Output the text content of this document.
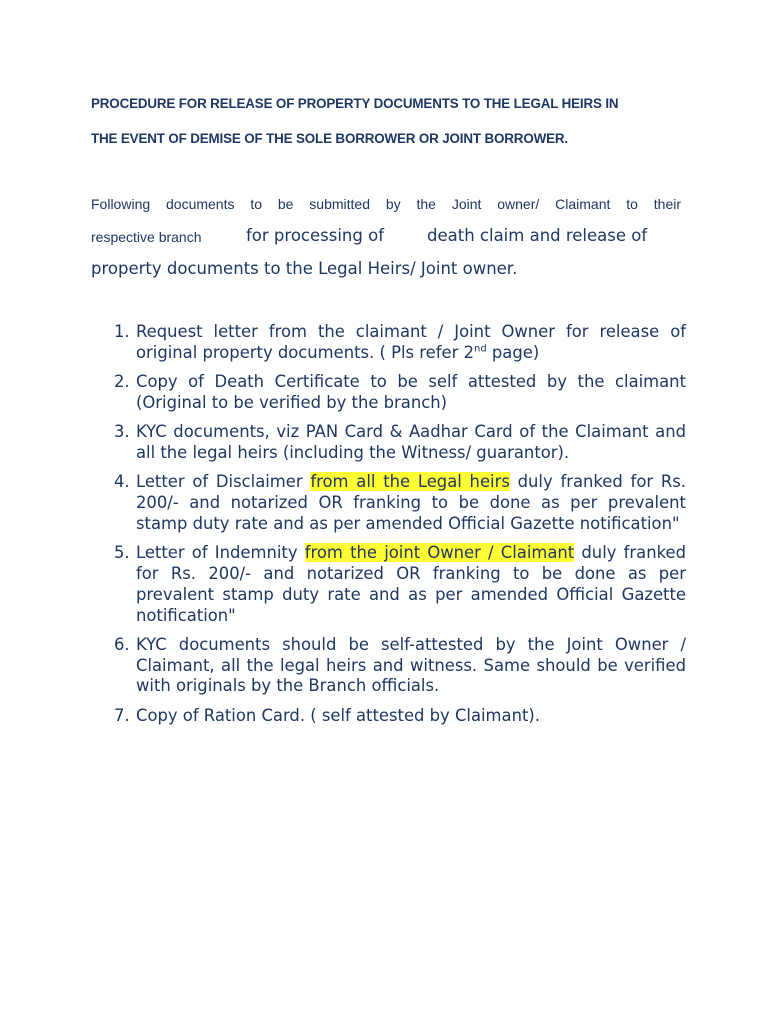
PROCEDURE FOR RELEASE OF PROPERTY DOCUMENTS TO THE LEGAL HEIRS IN
THE EVENT OF DEMISE OF THE SOLE BORROWER OR JOINT BORROWER.
Following documents to be submitted by the Joint owner/ Claimant to their
respective branch	for processing of	death claim and release of
property documents to the Legal Heirs/ Joint owner.
1. Request letter from the claimant / Joint Owner for release of original property documents. ( Pls refer 2nd page)
2. Copy of Death Certificate to be self attested by the claimant (Original to be verified by the branch)
3. KYC documents, viz PAN Card & Aadhar Card of the Claimant and all the legal heirs (including the Witness/ guarantor).
4. Letter of Disclaimer from all the Legal heirs duly franked for Rs. 200/- and notarized OR franking to be done as per prevalent stamp duty rate and as per amended Official Gazette notification"
5. Letter of Indemnity from the joint Owner / Claimant duly franked for Rs. 200/- and notarized OR franking to be done as per prevalent stamp duty rate and as per amended Official Gazette notification"
6. KYC documents should be self-attested by the Joint Owner / Claimant, all the legal heirs and witness. Same should be verified with originals by the Branch officials.
7. Copy of Ration Card. ( self attested by Claimant).
